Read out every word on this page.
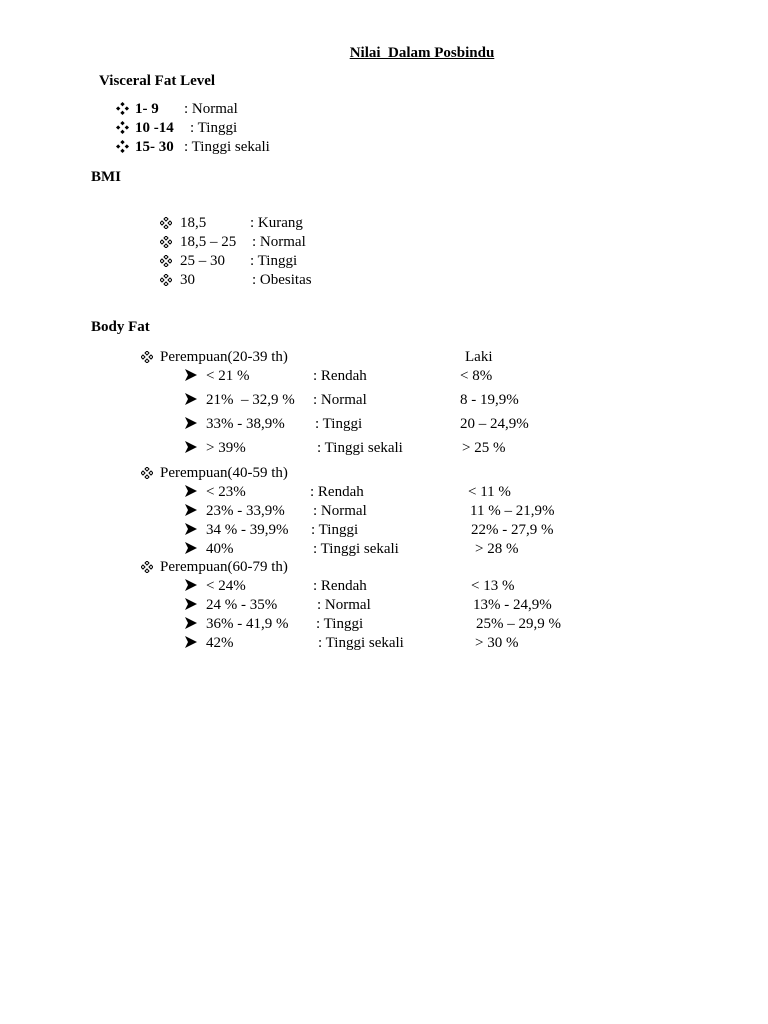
Nilai  Dalam Posbindu
Visceral Fat Level
1- 9 : Normal
10 -14 : Tinggi
15- 30 : Tinggi sekali
BMI
18,5	: Kurang
18,5 – 25 : Normal
25 – 30 : Tinggi
30	: Obesitas
Body Fat
Perempuan(20-39 th)	Laki
< 21 %	: Rendah	< 8%
21%  – 32,9 % : Normal	8 - 19,9%
33% - 38,9% : Tinggi	20 – 24,9%
> 39%	: Tinggi sekali	> 25 %
Perempuan(40-59 th)
< 23%	: Rendah	< 11 %
23% - 33,9% : Normal	11 % – 21,9%
34 % - 39,9% : Tinggi	22% - 27,9 %
40%	: Tinggi sekali	> 28 %
Perempuan(60-79 th)
< 24%	: Rendah	< 13 %
24 % - 35%	: Normal	13% - 24,9%
36% - 41,9 % : Tinggi	25% – 29,9 %
42%	: Tinggi sekali	> 30 %
